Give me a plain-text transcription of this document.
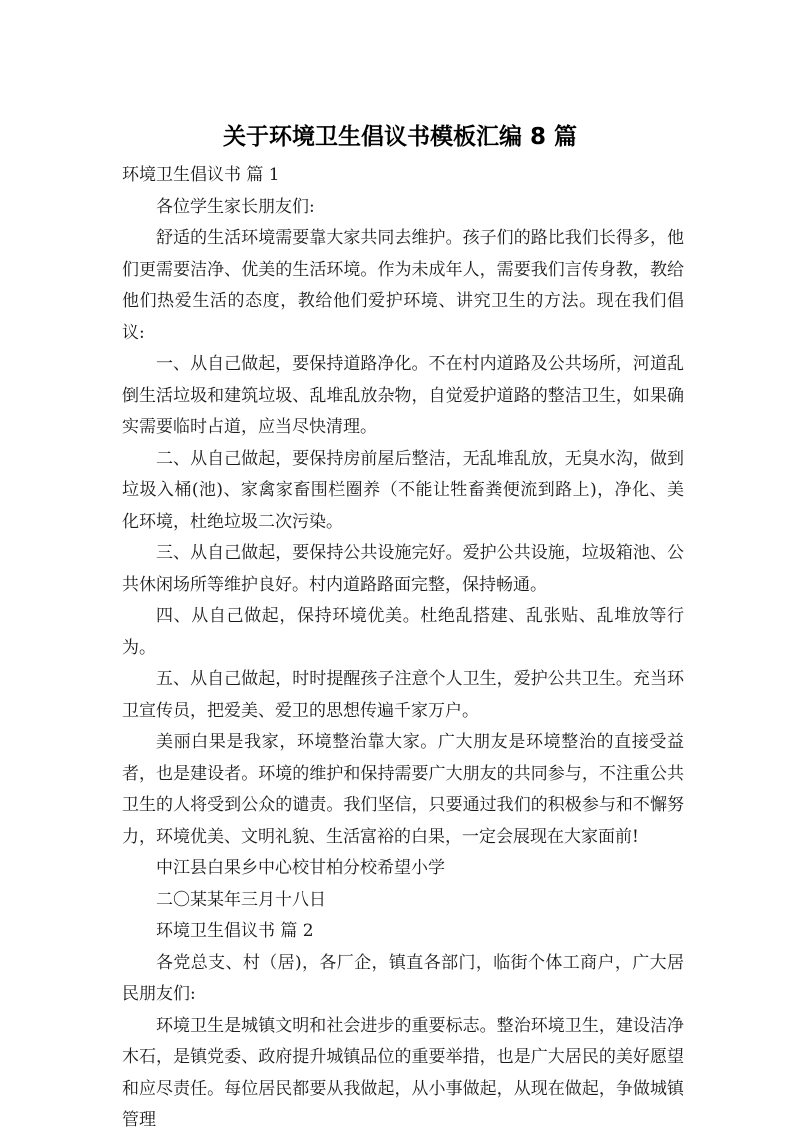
关于环境卫生倡议书模板汇编 8 篇

环境卫生倡议书 篇 1

各位学生家长朋友们:

舒适的生活环境需要靠大家共同去维护。孩子们的路比我们长得多，他们更需要洁净、优美的生活环境。作为未成年人，需要我们言传身教，教给他们热爱生活的态度，教给他们爱护环境、讲究卫生的方法。现在我们倡议:

一、从自己做起，要保持道路净化。不在村内道路及公共场所，河道乱倒生活垃圾和建筑垃圾、乱堆乱放杂物，自觉爱护道路的整洁卫生，如果确实需要临时占道，应当尽快清理。

二、从自己做起，要保持房前屋后整洁，无乱堆乱放，无臭水沟，做到垃圾入桶(池)、家禽家畜围栏圈养（不能让牲畜粪便流到路上)，净化、美化环境，杜绝垃圾二次污染。

三、从自己做起，要保持公共设施完好。爱护公共设施，垃圾箱池、公共休闲场所等维护良好。村内道路路面完整，保持畅通。

四、从自己做起，保持环境优美。杜绝乱搭建、乱张贴、乱堆放等行为。

五、从自己做起，时时提醒孩子注意个人卫生，爱护公共卫生。充当环卫宣传员，把爱美、爱卫的思想传遍千家万户。

美丽白果是我家，环境整治靠大家。广大朋友是环境整治的直接受益者，也是建设者。环境的维护和保持需要广大朋友的共同参与，不注重公共卫生的人将受到公众的谴责。我们坚信，只要通过我们的积极参与和不懈努力，环境优美、文明礼貌、生活富裕的白果，一定会展现在大家面前!

中江县白果乡中心校甘柏分校希望小学

二〇某某年三月十八日

环境卫生倡议书 篇 2

各党总支、村（居)，各厂企，镇直各部门，临街个体工商户，广大居民朋友们:

环境卫生是城镇文明和社会进步的重要标志。整治环境卫生，建设洁净木石，是镇党委、政府提升城镇品位的重要举措，也是广大居民的美好愿望和应尽责任。每位居民都要从我做起，从小事做起，从现在做起，争做城镇管理
